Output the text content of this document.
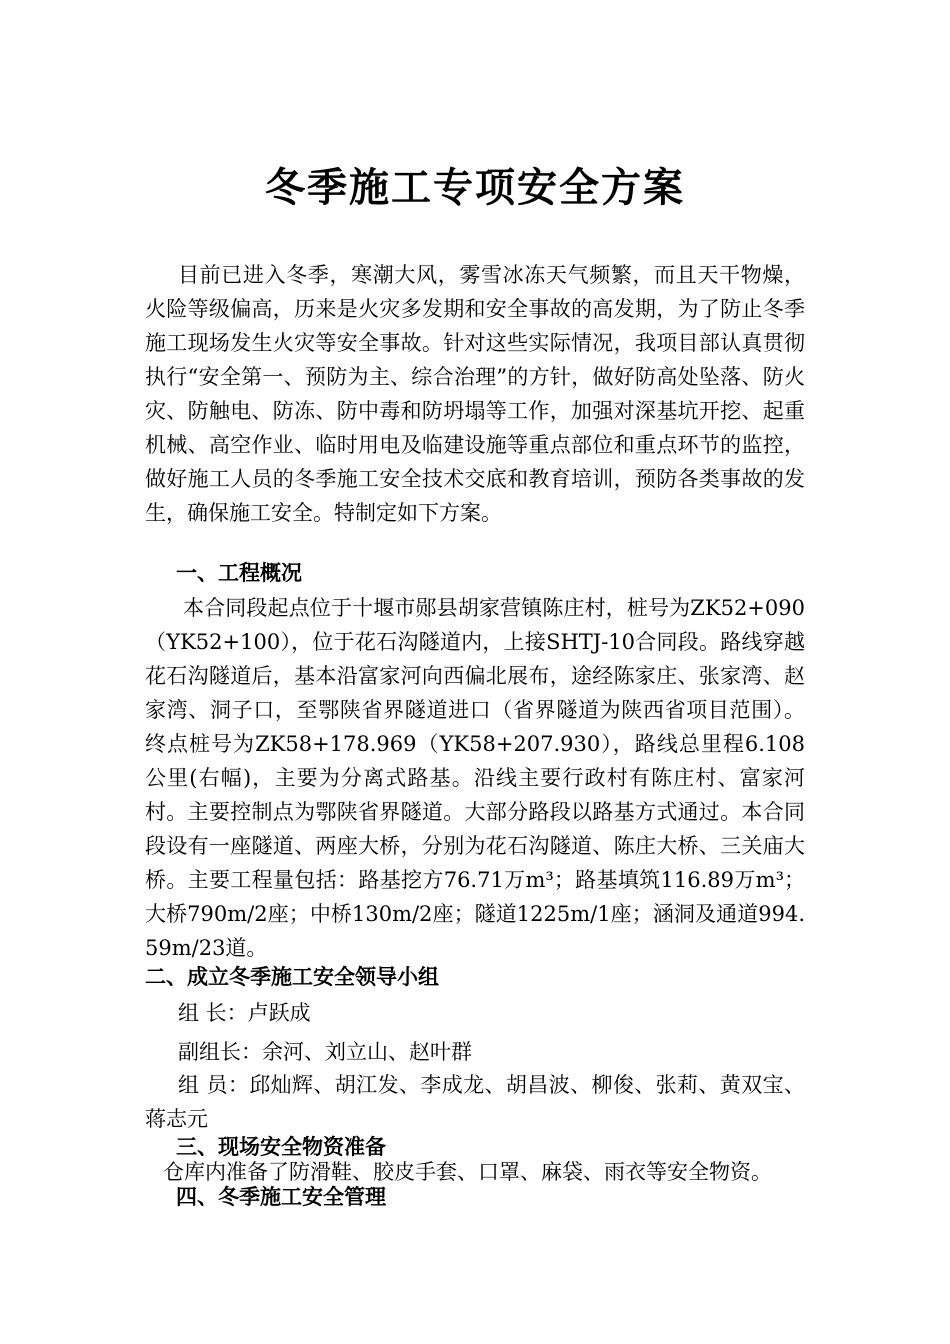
冬季施工专项安全方案
目前已进入冬季，寒潮大风，雾雪冰冻天气频繁，而且天干物燥，火险等级偏高，历来是火灾多发期和安全事故的高发期，为了防止冬季施工现场发生火灾等安全事故。针对这些实际情况，我项目部认真贯彻执行“安全第一、预防为主、综合治理”的方针，做好防高处坠落、防火灾、防触电、防冻、防中毒和防坍塌等工作，加强对深基坑开挖、起重机械、高空作业、临时用电及临建设施等重点部位和重点环节的监控，做好施工人员的冬季施工安全技术交底和教育培训，预防各类事故的发生，确保施工安全。特制定如下方案。
一、工程概况
本合同段起点位于十堰市郧县胡家营镇陈庄村，桩号为ZK52+090（YK52+100），位于花石沟隧道内，上接SHTJ-10合同段。路线穿越花石沟隧道后，基本沿富家河向西偏北展布，途经陈家庄、张家湾、赵家湾、洞子口，至鄂陕省界隧道进口（省界隧道为陕西省项目范围）。终点桩号为ZK58+178.969（YK58+207.930），路线总里程6.108公里(右幅)，主要为分离式路基。沿线主要行政村有陈庄村、富家河村。主要控制点为鄂陕省界隧道。大部分路段以路基方式通过。本合同段设有一座隧道、两座大桥，分别为花石沟隧道、陈庄大桥、三关庙大桥。主要工程量包括：路基挖方76.71万m³；路基填筑116.89万m³；大桥790m/2座；中桥130m/2座；隧道1225m/1座；涵洞及通道994.59m/23道。
二、成立冬季施工安全领导小组
组 长：卢跃成
副组长：余河、刘立山、赵叶群
组 员：邱灿辉、胡江发、李成龙、胡昌波、柳俊、张莉、黄双宝、蒋志元
三、现场安全物资准备
仓库内准备了防滑鞋、胶皮手套、口罩、麻袋、雨衣等安全物资。
四、冬季施工安全管理
